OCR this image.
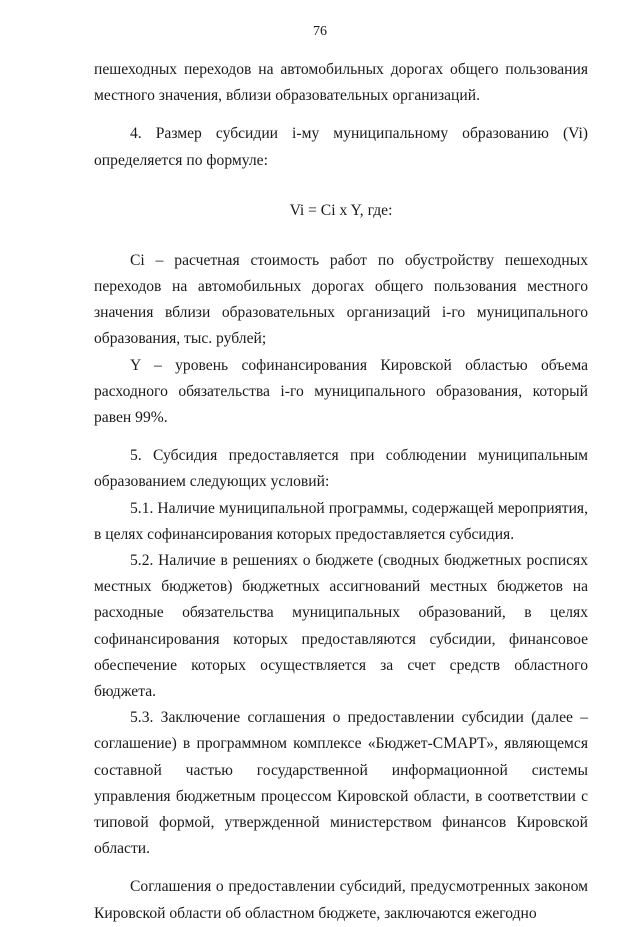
76

пешеходных переходов на автомобильных дорогах общего пользования местного значения, вблизи образовательных организаций.

4. Размер субсидии i-му муниципальному образованию (Vi) определяется по формуле:

Vi = Ci x Y, где:

Ci – расчетная стоимость работ по обустройству пешеходных переходов на автомобильных дорогах общего пользования местного значения вблизи образовательных организаций i-го муниципального образования, тыс. рублей;

Y – уровень софинансирования Кировской областью объема расходного обязательства i-го муниципального образования, который равен 99%.

5. Субсидия предоставляется при соблюдении муниципальным образованием следующих условий:

5.1. Наличие муниципальной программы, содержащей мероприятия, в целях софинансирования которых предоставляется субсидия.

5.2. Наличие в решениях о бюджете (сводных бюджетных росписях местных бюджетов) бюджетных ассигнований местных бюджетов на расходные обязательства муниципальных образований, в целях софинансирования которых предоставляются субсидии, финансовое обеспечение которых осуществляется за счет средств областного бюджета.

5.3. Заключение соглашения о предоставлении субсидии (далее – соглашение) в программном комплексе «Бюджет-СМАРТ», являющемся составной частью государственной информационной системы управления бюджетным процессом Кировской области, в соответствии с типовой формой, утвержденной министерством финансов Кировской области.

Соглашения о предоставлении субсидий, предусмотренных законом Кировской области об областном бюджете, заключаются ежегодно
